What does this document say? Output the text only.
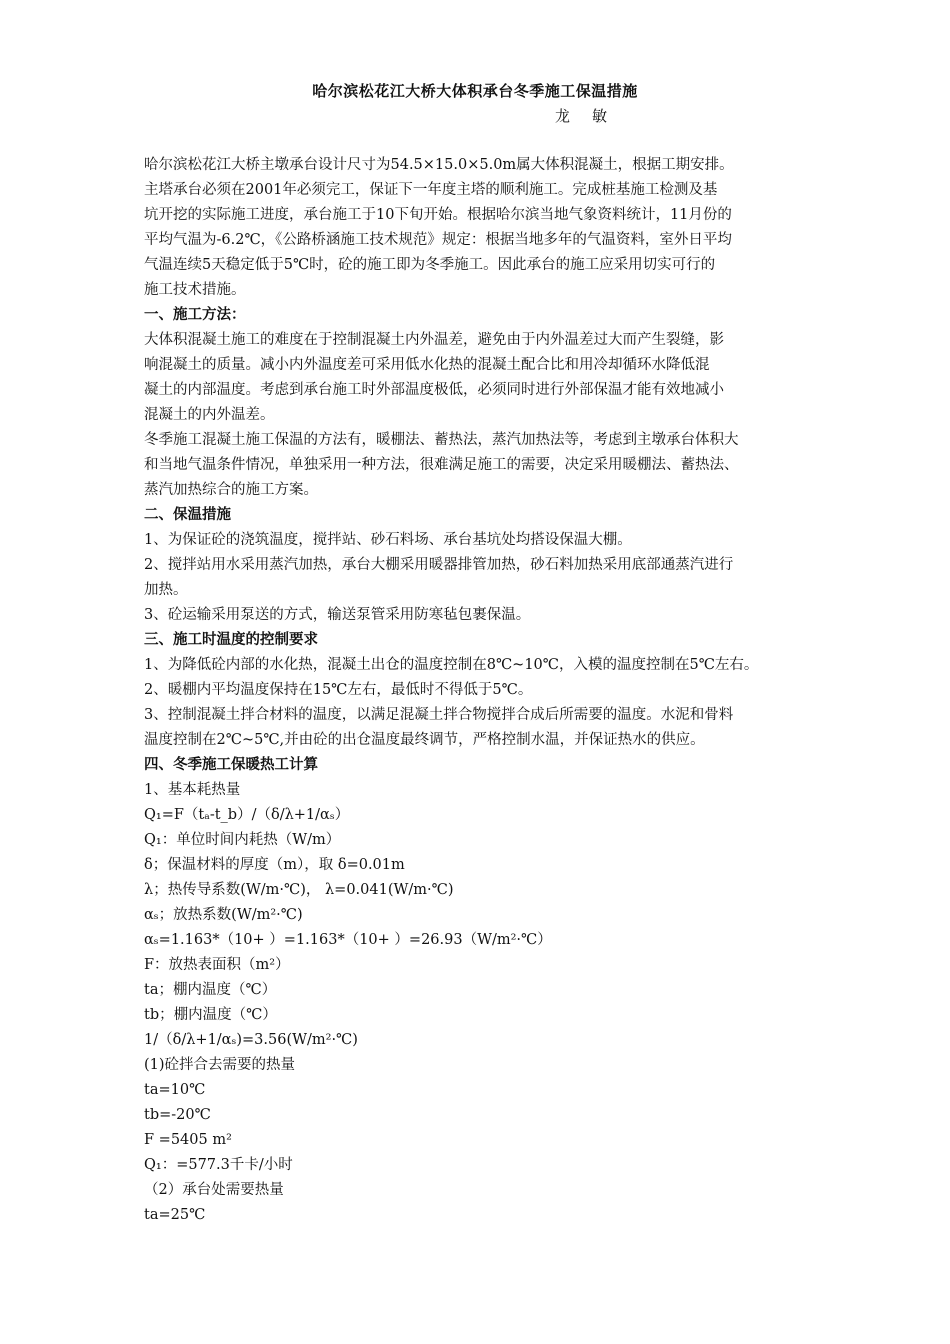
哈尔滨松花江大桥大体积承台冬季施工保温措施
龙敏
哈尔滨松花江大桥主墩承台设计尺寸为54.5×15.0×5.0m属大体积混凝土，根据工期安排。
主塔承台必须在2001年必须完工，保证下一年度主塔的顺利施工。完成桩基施工检测及基
坑开挖的实际施工进度，承台施工于10下旬开始。根据哈尔滨当地气象资料统计，11月份的
平均气温为-6.2℃，《公路桥涵施工技术规范》规定：根据当地多年的气温资料，室外日平均
气温连续5天稳定低于5℃时，砼的施工即为冬季施工。因此承台的施工应采用切实可行的
施工技术措施。
一、施工方法：
大体积混凝土施工的难度在于控制混凝土内外温差，避免由于内外温差过大而产生裂缝，影
响混凝土的质量。减小内外温度差可采用低水化热的混凝土配合比和用冷却循环水降低混
凝土的内部温度。考虑到承台施工时外部温度极低，必须同时进行外部保温才能有效地减小
混凝土的内外温差。
冬季施工混凝土施工保温的方法有，暖棚法、蓄热法，蒸汽加热法等，考虑到主墩承台体积大
和当地气温条件情况，单独采用一种方法，很难满足施工的需要，决定采用暖棚法、蓄热法、
蒸汽加热综合的施工方案。
二、保温措施
1、为保证砼的浇筑温度，搅拌站、砂石料场、承台基坑处均搭设保温大棚。
2、搅拌站用水采用蒸汽加热，承台大棚采用暖器排管加热，砂石料加热采用底部通蒸汽进行
加热。
3、砼运输采用泵送的方式，输送泵管采用防寒毡包裹保温。
三、施工时温度的控制要求
1、为降低砼内部的水化热，混凝土出仓的温度控制在8℃~10℃，入模的温度控制在5℃左右。
2、暖棚内平均温度保持在15℃左右，最低时不得低于5℃。
3、控制混凝土拌合材料的温度，以满足混凝土拌合物搅拌合成后所需要的温度。水泥和骨料
温度控制在2℃~5℃,并由砼的出仓温度最终调节，严格控制水温，并保证热水的供应。
四、冬季施工保暖热工计算
1、基本耗热量
Q₁=F（tₐ-t_b）/（δ/λ+1/αₛ）
Q₁：单位时间内耗热（W/m）
δ；保温材料的厚度（m），取 δ=0.01m
λ；热传导系数(W/m·℃)， λ=0.041(W/m·℃)
αₛ；放热系数(W/m²·℃)
αₛ=1.163*（10+ ）=1.163*（10+ ）=26.93（W/m²·℃）
F：放热表面积（m²）
ta；棚内温度（℃）
tb；棚内温度（℃）
1/（δ/λ+1/αₛ)=3.56(W/m²·℃)
(1)砼拌合去需要的热量
ta=10℃
tb=-20℃
F =5405 m²
Q₁：=577.3千卡/小时
（2）承台处需要热量
ta=25℃
